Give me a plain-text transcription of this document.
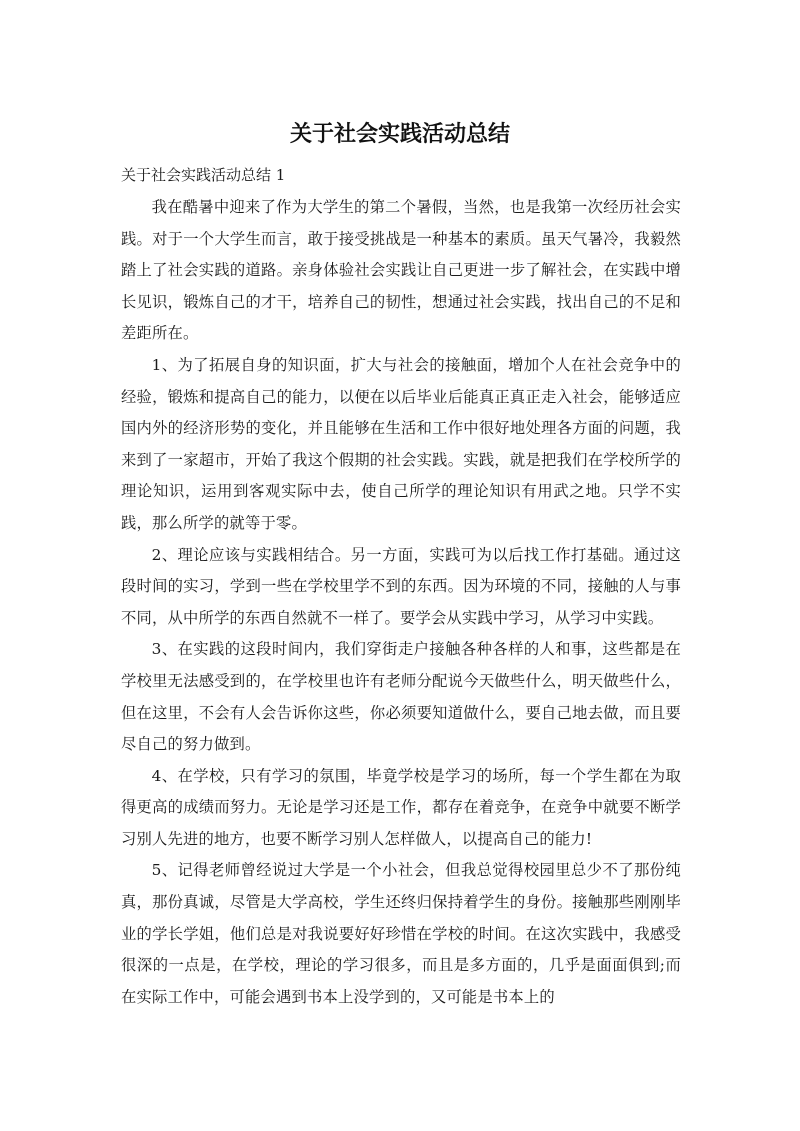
关于社会实践活动总结

关于社会实践活动总结 1

我在酷暑中迎来了作为大学生的第二个暑假，当然，也是我第一次经历社会实践。对于一个大学生而言，敢于接受挑战是一种基本的素质。虽天气暑冷，我毅然踏上了社会实践的道路。亲身体验社会实践让自己更进一步了解社会，在实践中增长见识，锻炼自己的才干，培养自己的韧性，想通过社会实践，找出自己的不足和差距所在。

1、为了拓展自身的知识面，扩大与社会的接触面，增加个人在社会竞争中的经验，锻炼和提高自己的能力，以便在以后毕业后能真正真正走入社会，能够适应国内外的经济形势的变化，并且能够在生活和工作中很好地处理各方面的问题，我来到了一家超市，开始了我这个假期的社会实践。实践，就是把我们在学校所学的理论知识，运用到客观实际中去，使自己所学的理论知识有用武之地。只学不实践，那么所学的就等于零。

2、理论应该与实践相结合。另一方面，实践可为以后找工作打基础。通过这段时间的实习，学到一些在学校里学不到的东西。因为环境的不同，接触的人与事不同，从中所学的东西自然就不一样了。要学会从实践中学习，从学习中实践。

3、在实践的这段时间内，我们穿街走户接触各种各样的人和事，这些都是在学校里无法感受到的，在学校里也许有老师分配说今天做些什么，明天做些什么，但在这里，不会有人会告诉你这些，你必须要知道做什么，要自己地去做，而且要尽自己的努力做到。

4、在学校，只有学习的氛围，毕竟学校是学习的场所，每一个学生都在为取得更高的成绩而努力。无论是学习还是工作，都存在着竞争，在竞争中就要不断学习别人先进的地方，也要不断学习别人怎样做人，以提高自己的能力!

5、记得老师曾经说过大学是一个小社会，但我总觉得校园里总少不了那份纯真，那份真诚，尽管是大学高校，学生还终归保持着学生的身份。接触那些刚刚毕业的学长学姐，他们总是对我说要好好珍惜在学校的时间。在这次实践中，我感受很深的一点是，在学校，理论的学习很多，而且是多方面的，几乎是面面俱到;而在实际工作中，可能会遇到书本上没学到的，又可能是书本上的
